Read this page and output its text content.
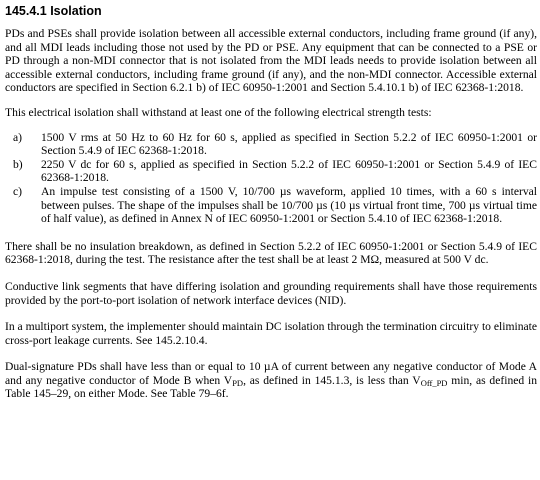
145.4.1 Isolation

PDs and PSEs shall provide isolation between all accessible external conductors, including frame ground (if any), and all MDI leads including those not used by the PD or PSE. Any equipment that can be connected to a PSE or PD through a non-MDI connector that is not isolated from the MDI leads needs to provide isolation between all accessible external conductors, including frame ground (if any), and the non-MDI connector. Accessible external conductors are specified in Section 6.2.1 b) of IEC 60950-1:2001 and Section 5.4.10.1 b) of IEC 62368-1:2018.

This electrical isolation shall withstand at least one of the following electrical strength tests:

a)	1500 V rms at 50 Hz to 60 Hz for 60 s, applied as specified in Section 5.2.2 of IEC 60950-1:2001 or Section 5.4.9 of IEC 62368-1:2018.
b)	2250 V dc for 60 s, applied as specified in Section 5.2.2 of IEC 60950-1:2001 or Section 5.4.9 of IEC 62368-1:2018.
c)	An impulse test consisting of a 1500 V, 10/700 µs waveform, applied 10 times, with a 60 s interval between pulses. The shape of the impulses shall be 10/700 µs (10 µs virtual front time, 700 µs virtual time of half value), as defined in Annex N of IEC 60950-1:2001 or Section 5.4.10 of IEC 62368-1:2018.

There shall be no insulation breakdown, as defined in Section 5.2.2 of IEC 60950-1:2001 or Section 5.4.9 of IEC 62368-1:2018, during the test. The resistance after the test shall be at least 2 MΩ, measured at 500 V dc.

Conductive link segments that have differing isolation and grounding requirements shall have those requirements provided by the port-to-port isolation of network interface devices (NID).

In a multiport system, the implementer should maintain DC isolation through the termination circuitry to eliminate cross-port leakage currents. See 145.2.10.4.

Dual-signature PDs shall have less than or equal to 10 µA of current between any negative conductor of Mode A and any negative conductor of Mode B when $V_{PD}$, as defined in 145.1.3, is less than $V_{Off\_PD}$ min, as defined in Table 145–29, on either Mode. See Table 79–6f.
